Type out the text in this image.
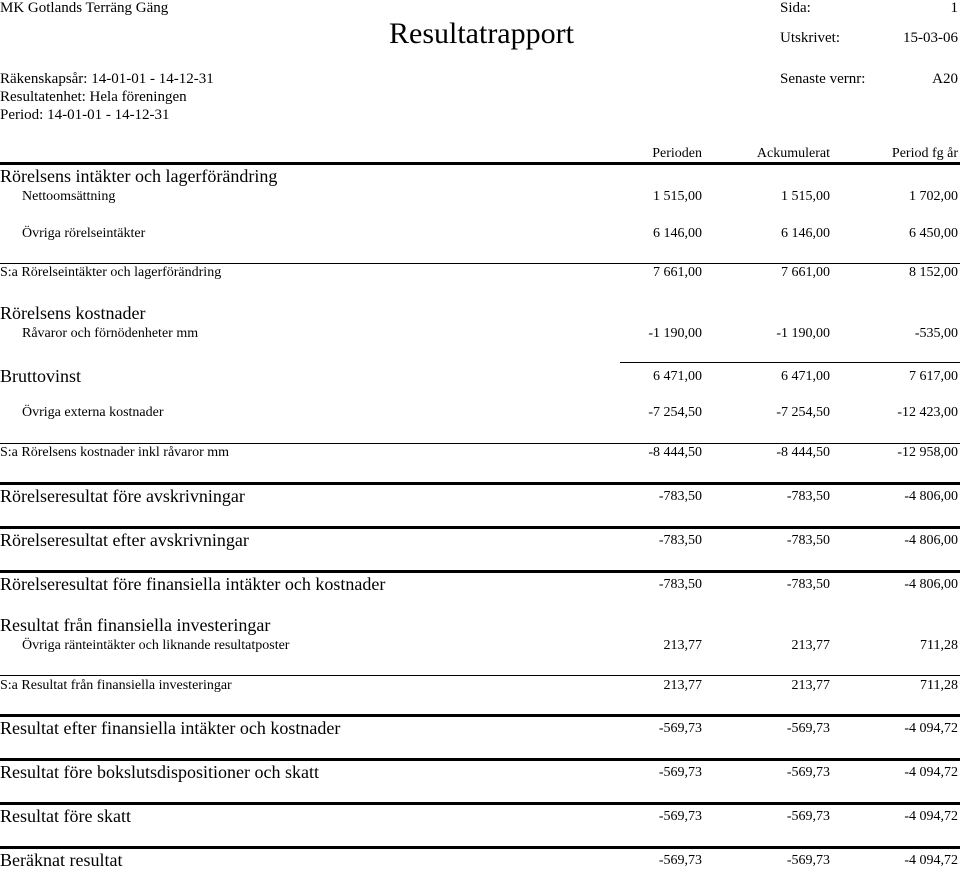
MK Gotlands Terräng Gäng
Resultatrapport
Sida:	1
Utskrivet:	15-03-06
Räkenskapsår: 14-01-01 - 14-12-31
Resultatenhet: Hela föreningen
Period: 14-01-01 - 14-12-31
Senaste vernr:	A20
Perioden	Ackumulerat	Period fg år
Rörelsens intäkter och lagerförändring
Nettoomsättning	1 515,00	1 515,00	1 702,00
Övriga rörelseintäkter	6 146,00	6 146,00	6 450,00
S:a Rörelseintäkter och lagerförändring	7 661,00	7 661,00	8 152,00
Rörelsens kostnader
Råvaror och förnödenheter mm	-1 190,00	-1 190,00	-535,00
Bruttovinst	6 471,00	6 471,00	7 617,00
Övriga externa kostnader	-7 254,50	-7 254,50	-12 423,00
S:a Rörelsens kostnader inkl råvaror mm	-8 444,50	-8 444,50	-12 958,00
Rörelseresultat före avskrivningar	-783,50	-783,50	-4 806,00
Rörelseresultat efter avskrivningar	-783,50	-783,50	-4 806,00
Rörelseresultat före finansiella intäkter och kostnader	-783,50	-783,50	-4 806,00
Resultat från finansiella investeringar
Övriga ränteintäkter och liknande resultatposter	213,77	213,77	711,28
S:a Resultat från finansiella investeringar	213,77	213,77	711,28
Resultat efter finansiella intäkter och kostnader	-569,73	-569,73	-4 094,72
Resultat före bokslutsdispositioner och skatt	-569,73	-569,73	-4 094,72
Resultat före skatt	-569,73	-569,73	-4 094,72
Beräknat resultat	-569,73	-569,73	-4 094,72
